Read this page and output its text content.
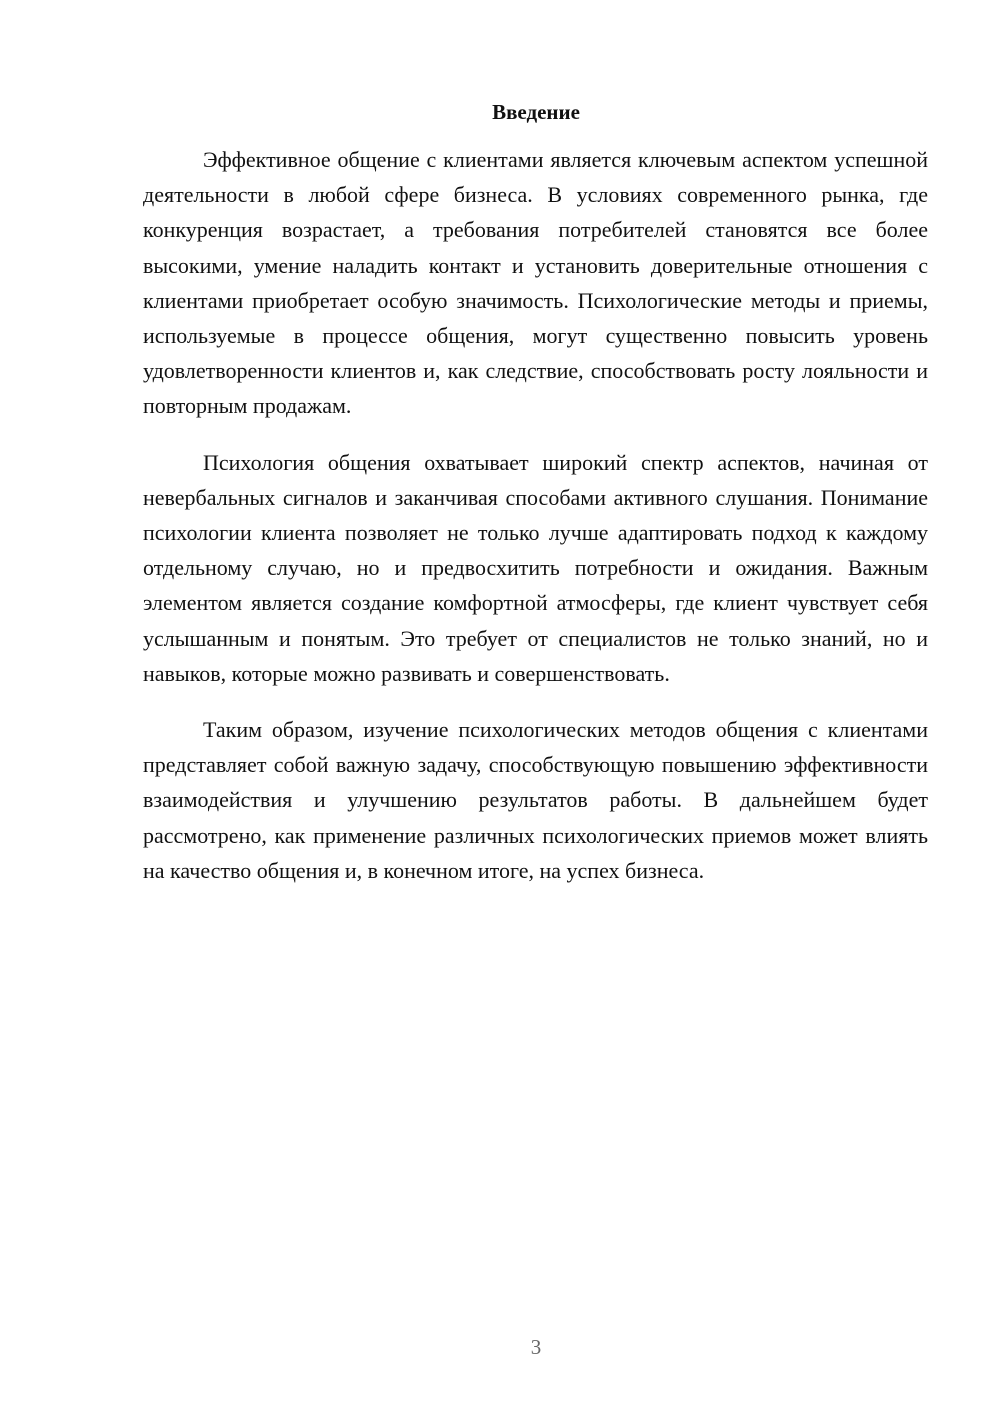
Введение

Эффективное общение с клиентами является ключевым аспектом успешной деятельности в любой сфере бизнеса. В условиях современного рынка, где конкуренция возрастает, а требования потребителей становятся все более высокими, умение наладить контакт и установить доверительные отношения с клиентами приобретает особую значимость. Психологические методы и приемы, используемые в процессе общения, могут существенно повысить уровень удовлетворенности клиентов и, как следствие, способствовать росту лояльности и повторным продажам.

Психология общения охватывает широкий спектр аспектов, начиная от невербальных сигналов и заканчивая способами активного слушания. Понимание психологии клиента позволяет не только лучше адаптировать подход к каждому отдельному случаю, но и предвосхитить потребности и ожидания. Важным элементом является создание комфортной атмосферы, где клиент чувствует себя услышанным и понятым. Это требует от специалистов не только знаний, но и навыков, которые можно развивать и совершенствовать.

Таким образом, изучение психологических методов общения с клиентами представляет собой важную задачу, способствующую повышению эффективности взаимодействия и улучшению результатов работы. В дальнейшем будет рассмотрено, как применение различных психологических приемов может влиять на качество общения и, в конечном итоге, на успех бизнеса.

3
